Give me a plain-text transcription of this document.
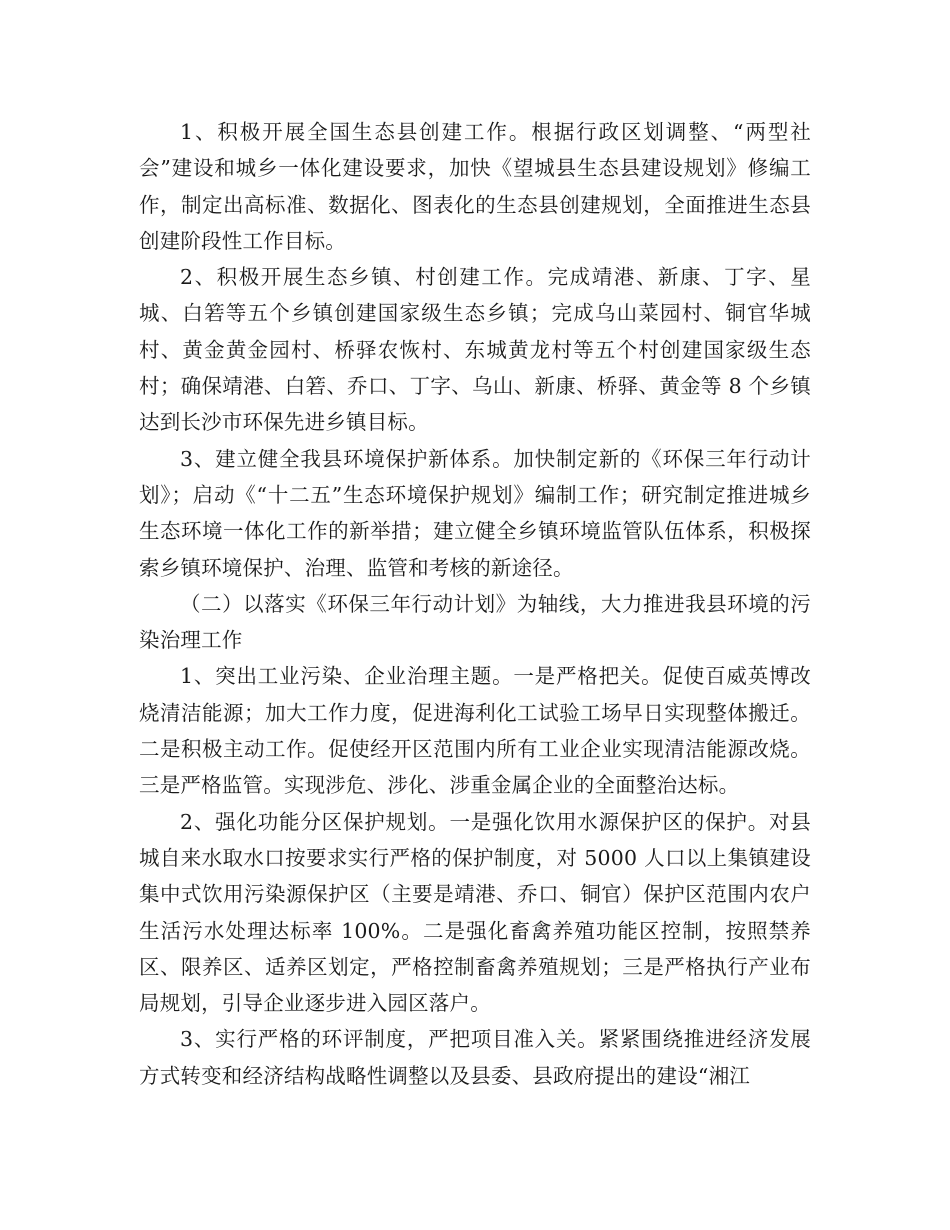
1、积极开展全国生态县创建工作。根据行政区划调整、“两型社会”建设和城乡一体化建设要求，加快《望城县生态县建设规划》修编工作，制定出高标准、数据化、图表化的生态县创建规划，全面推进生态县创建阶段性工作目标。

2、积极开展生态乡镇、村创建工作。完成靖港、新康、丁字、星城、白箬等五个乡镇创建国家级生态乡镇；完成乌山菜园村、铜官华城村、黄金黄金园村、桥驿农恢村、东城黄龙村等五个村创建国家级生态村；确保靖港、白箬、乔口、丁字、乌山、新康、桥驿、黄金等 8 个乡镇达到长沙市环保先进乡镇目标。

3、建立健全我县环境保护新体系。加快制定新的《环保三年行动计划》；启动《“十二五”生态环境保护规划》编制工作；研究制定推进城乡生态环境一体化工作的新举措；建立健全乡镇环境监管队伍体系，积极探索乡镇环境保护、治理、监管和考核的新途径。

（二）以落实《环保三年行动计划》为轴线，大力推进我县环境的污染治理工作

1、突出工业污染、企业治理主题。一是严格把关。促使百威英博改烧清洁能源；加大工作力度，促进海利化工试验工场早日实现整体搬迁。二是积极主动工作。促使经开区范围内所有工业企业实现清洁能源改烧。三是严格监管。实现涉危、涉化、涉重金属企业的全面整治达标。

2、强化功能分区保护规划。一是强化饮用水源保护区的保护。对县城自来水取水口按要求实行严格的保护制度，对 5000 人口以上集镇建设集中式饮用污染源保护区（主要是靖港、乔口、铜官）保护区范围内农户生活污水处理达标率 100%。二是强化畜禽养殖功能区控制，按照禁养区、限养区、适养区划定，严格控制畜禽养殖规划；三是严格执行产业布局规划，引导企业逐步进入园区落户。

3、实行严格的环评制度，严把项目准入关。紧紧围绕推进经济发展方式转变和经济结构战略性调整以及县委、县政府提出的建设“湘江
